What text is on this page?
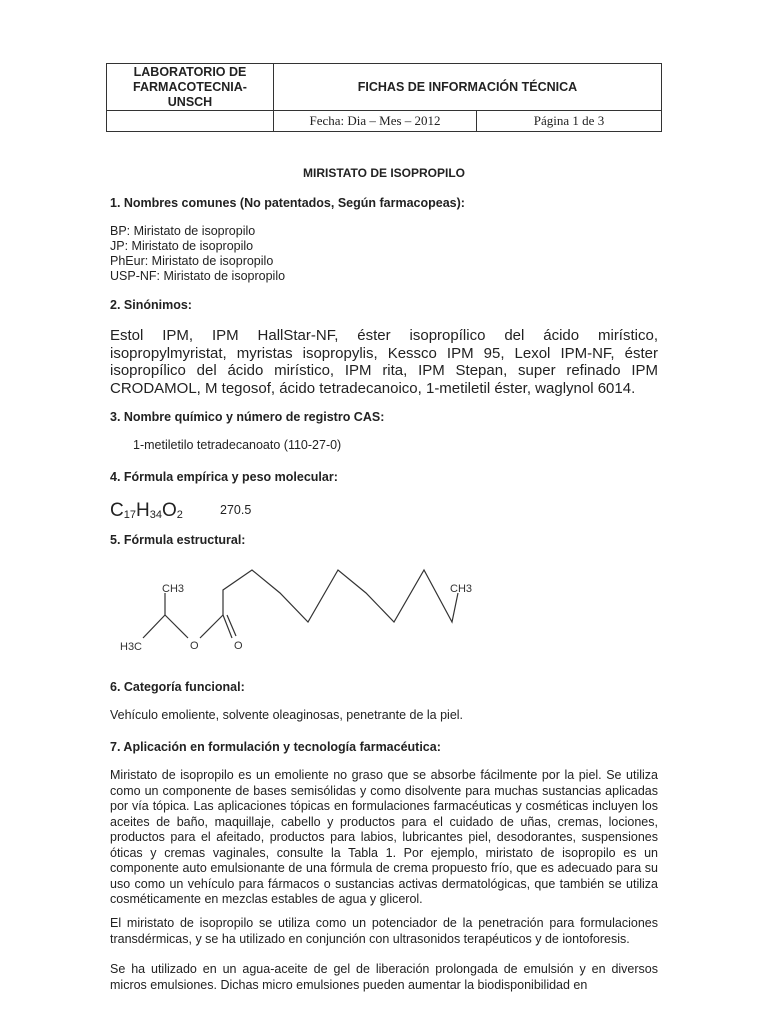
LABORATORIO DE
FARMACOTECNIA-
UNSCH	FICHAS DE INFORMACIÓN TÉCNICA	
	Fecha: Dia – Mes – 2012	Página 1 de 3
MIRISTATO DE ISOPROPILO
1. Nombres comunes (No patentados, Según farmacopeas):
BP: Miristato de isopropilo
JP: Miristato de isopropilo
PhEur: Miristato de isopropilo
USP-NF: Miristato de isopropilo
2. Sinónimos:
Estol IPM, IPM HallStar-NF, éster isopropílico del ácido mirístico, isopropylmyristat, myristas isopropylis, Kessco IPM 95, Lexol IPM-NF, éster isopropílico del ácido mirístico, IPM rita, IPM Stepan, super refinado IPM CRODAMOL, M tegosof, ácido tetradecanoico, 1-metiletil éster, waglynol 6014.
3. Nombre químico y número de registro CAS:
1-metiletilo tetradecanoato (110-27-0)
4. Fórmula empírica y peso molecular:
$C_{17}H_{34}O_2$	270.5
5. Fórmula estructural:
CH3
H3C	O	O
CH3
6. Categoría funcional:
Vehículo emoliente, solvente oleaginosas, penetrante de la piel.
7. Aplicación en formulación y tecnología farmacéutica:
Miristato de isopropilo es un emoliente no graso que se absorbe fácilmente por la piel. Se utiliza como un componente de bases semisólidas y como disolvente para muchas sustancias aplicadas por vía tópica. Las aplicaciones tópicas en formulaciones farmacéuticas y cosméticas incluyen los aceites de baño, maquillaje, cabello y productos para el cuidado de uñas, cremas, lociones, productos para el afeitado, productos para labios, lubricantes piel, desodorantes, suspensiones óticas y cremas vaginales, consulte la Tabla 1. Por ejemplo, miristato de isopropilo es un componente auto emulsionante de una fórmula de crema propuesto frío, que es adecuado para su uso como un vehículo para fármacos o sustancias activas dermatológicas, que también se utiliza cosméticamente en mezclas estables de agua y glicerol.
El miristato de isopropilo se utiliza como un potenciador de la penetración para formulaciones transdérmicas, y se ha utilizado en conjunción con ultrasonidos terapéuticos y de iontoforesis.
Se ha utilizado en un agua-aceite de gel de liberación prolongada de emulsión y en diversos micros emulsiones. Dichas micro emulsiones pueden aumentar la biodisponibilidad en
